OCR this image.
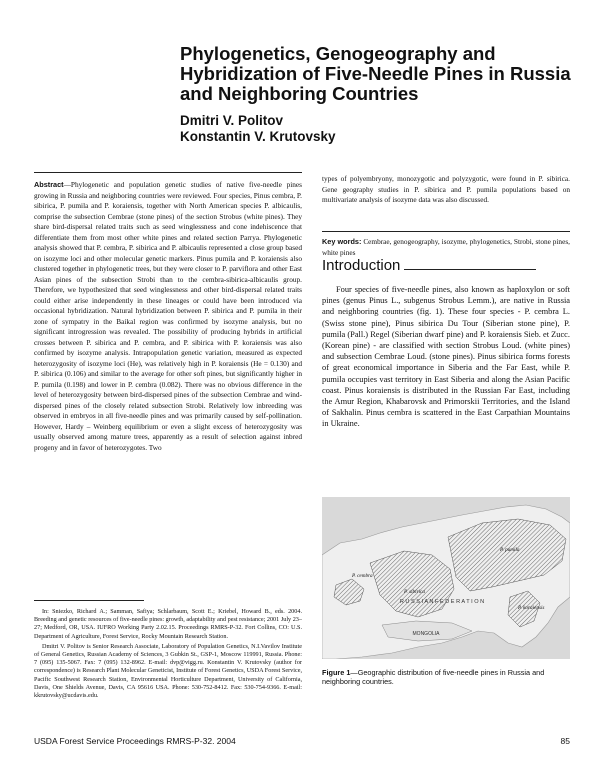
Phylogenetics, Genogeography and Hybridization of Five-Needle Pines in Russia and Neighboring Countries
Dmitri V. Politov
Konstantin V. Krutovsky

Abstract—Phylogenetic and population genetic studies of native five-needle pines growing in Russia and neighboring countries were reviewed. Four species, Pinus cembra, P. sibirica, P. pumila and P. koraiensis, together with North American species P. albicaulis, comprise the subsection Cembrae (stone pines) of the section Strobus (white pines). They share bird-dispersal related traits such as seed winglessness and cone indehiscence that differentiate them from most other white pines and related section Parrya. Phylogenetic analysis showed that P. cembra, P. sibirica and P. albicaulis represented a close group based on isozyme loci and other molecular genetic markers. Pinus pumila and P. koraiensis also clustered together in phylogenetic trees, but they were closer to P. parviflora and other East Asian pines of the subsection Strobi than to the cembra-sibirica-albicaulis group. Therefore, we hypothesized that seed winglessness and other bird-dispersal related traits could either arise independently in these lineages or could have been introduced via occasional hybridization. Natural hybridization between P. sibirica and P. pumila in their zone of sympatry in the Baikal region was confirmed by isozyme analysis, but no significant introgression was revealed. The possibility of producing hybrids in artificial crosses between P. sibirica and P. cembra, and P. sibirica with P. koraiensis was also confirmed by isozyme analysis. Intrapopulation genetic variation, measured as expected heterozygosity of isozyme loci (He), was relatively high in P. koraiensis (He = 0.130) and P. sibirica (0.106) and similar to the average for other soft pines, but significantly higher in P. pumila (0.198) and lower in P. cembra (0.082). There was no obvious difference in the level of heterozygosity between bird-dispersed pines of the subsection Cembrae and wind-dispersed pines of the closely related subsection Strobi. Relatively low inbreeding was observed in embryos in all five-needle pines and was primarily caused by self-pollination. However, Hardy – Weinberg equilibrium or even a slight excess of heterozygosity was usually observed among mature trees, apparently as a result of selection against inbred progeny and in favor of heterozygotes. Two

types of polyembryony, monozygotic and polyzygotic, were found in P. sibirica. Gene geography studies in P. sibirica and P. pumila populations based on multivariate analysis of isozyme data was also discussed.

Key words: Cembrae, genogeography, isozyme, phylogenetics, Strobi, stone pines, white pines

Introduction

Four species of five-needle pines, also known as haploxylon or soft pines (genus Pinus L., subgenus Strobus Lemm.), are native in Russia and neighboring countries (fig. 1). These four species - P. cembra L. (Swiss stone pine), Pinus sibirica Du Tour (Siberian stone pine), P. pumila (Pall.) Regel (Siberian dwarf pine) and P. koraiensis Sieb. et Zucc. (Korean pine) - are classified with section Strobus Loud. (white pines) and subsection Cembrae Loud. (stone pines). Pinus sibirica forms forests of great economical importance in Siberia and the Far East, while P. pumila occupies vast territory in East Siberia and along the Asian Pacific coast. Pinus koraiensis is distributed in the Russian Far East, including the Amur Region, Khabarovsk and Primorskii Territories, and the Island of Sakhalin. Pinus cembra is scattered in the East Carpathian Mountains in Ukraine.

In: Sniezko, Richard A.; Samman, Safiya; Schlarbaum, Scott E.; Kriebel, Howard B., eds. 2004. Breeding and genetic resources of five-needle pines: growth, adaptability and pest resistance; 2001 July 23–27; Medford, OR, USA. IUFRO Working Party 2.02.15. Proceedings RMRS-P-32. Fort Collins, CO: U.S. Department of Agriculture, Forest Service, Rocky Mountain Research Station.

Dmitri V. Politov is Senior Research Associate, Laboratory of Population Genetics, N.I.Vavilov Institute of General Genetics, Russian Academy of Sciences, 3 Gubkin St., GSP-1, Moscow 119991, Russia. Phone: 7 (095) 135-5067. Fax: 7 (095) 132-8962. E-mail: dvp@vigg.ru. Konstantin V. Krutovsky (author for correspondence) is Research Plant Molecular Geneticist, Institute of Forest Genetics, USDA Forest Service, Pacific Southwest Research Station, Environmental Horticulture Department, University of California, Davis, One Shields Avenue, Davis, CA 95616 USA. Phone: 530-752-8412. Fax: 530-754-9366. E-mail: kkrutovsky@ucdavis.edu.

R U S S I A N F E D E R A T I O N
MONGOLIA
P. cembra
P. sibirica
P. pumila
P. koraiensis
Figure 1—Geographic distribution of five-needle pines in Russia and neighboring countries.
USDA Forest Service Proceedings RMRS-P-32. 2004	85
